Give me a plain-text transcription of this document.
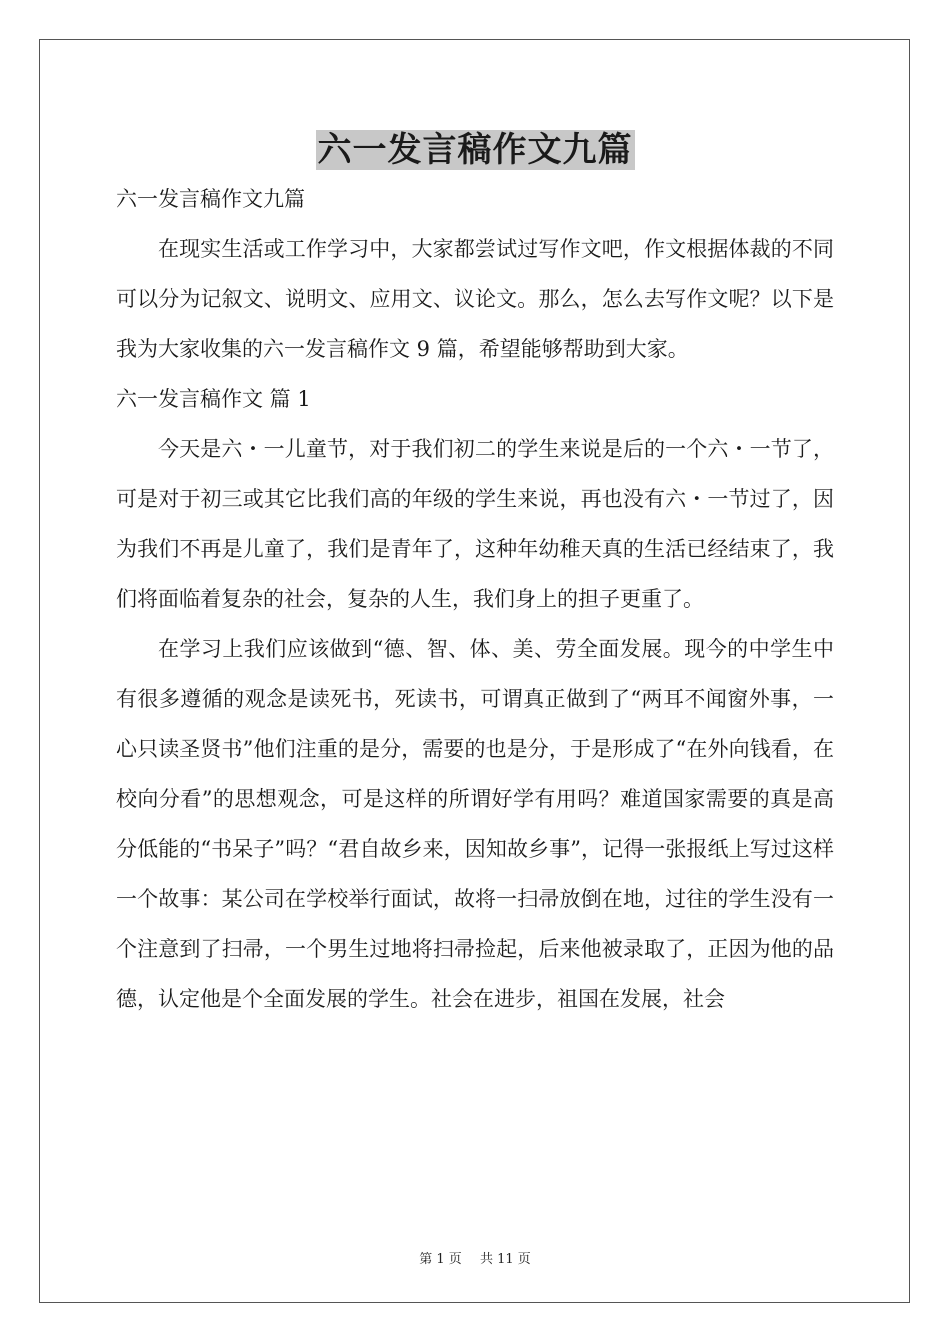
六一发言稿作文九篇

六一发言稿作文九篇

在现实生活或工作学习中，大家都尝试过写作文吧，作文根据体裁的不同可以分为记叙文、说明文、应用文、议论文。那么，怎么去写作文呢？以下是我为大家收集的六一发言稿作文 9 篇，希望能够帮助到大家。

六一发言稿作文 篇 1

今天是六・一儿童节，对于我们初二的学生来说是后的一个六・一节了，可是对于初三或其它比我们高的年级的学生来说，再也没有六・一节过了，因为我们不再是儿童了，我们是青年了，这种年幼稚天真的生活已经结束了，我们将面临着复杂的社会，复杂的人生，我们身上的担子更重了。

在学习上我们应该做到“德、智、体、美、劳全面发展。现今的中学生中有很多遵循的观念是读死书，死读书，可谓真正做到了“两耳不闻窗外事，一心只读圣贤书”他们注重的是分，需要的也是分，于是形成了“在外向钱看，在校向分看”的思想观念，可是这样的所谓好学有用吗？难道国家需要的真是高分低能的“书呆子”吗？“君自故乡来，因知故乡事”，记得一张报纸上写过这样一个故事：某公司在学校举行面试，故将一扫帚放倒在地，过往的学生没有一个注意到了扫帚，一个男生过地将扫帚捡起，后来他被录取了，正因为他的品德，认定他是个全面发展的学生。社会在进步，祖国在发展，社会

第 1 页 共 11 页
